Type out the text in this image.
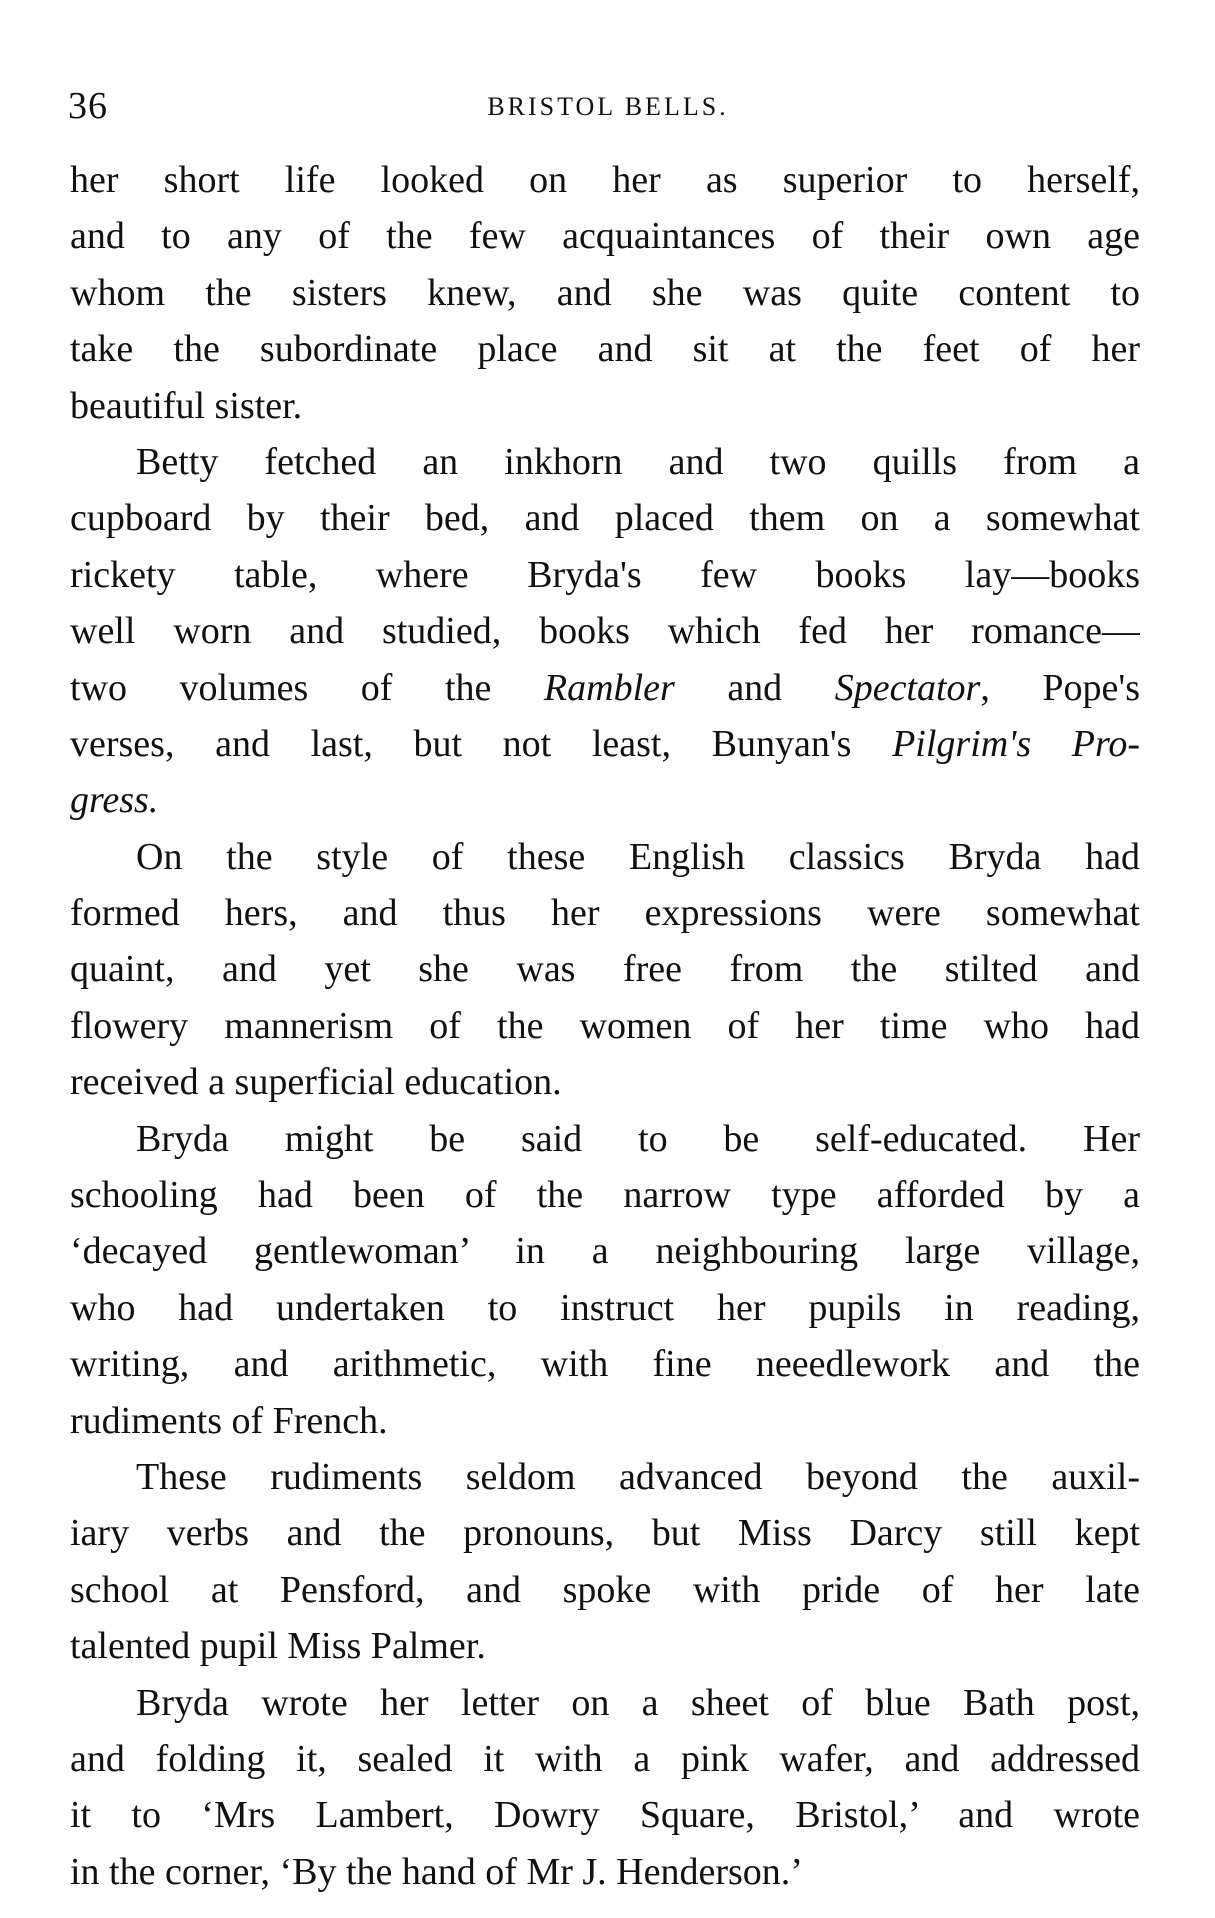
36	BRISTOL BELLS.
her short life looked on her as superior to herself,
and to any of the few acquaintances of their own age
whom the sisters knew, and she was quite content to
take the subordinate place and sit at the feet of her
beautiful sister.
Betty fetched an inkhorn and two quills from a
cupboard by their bed, and placed them on a somewhat
rickety table, where Bryda's few books lay—books
well worn and studied, books which fed her romance—
two volumes of the Rambler and Spectator, Pope's
verses, and last, but not least, Bunyan's Pilgrim's Pro-
gress.
On the style of these English classics Bryda had
formed hers, and thus her expressions were somewhat
quaint, and yet she was free from the stilted and
flowery mannerism of the women of her time who had
received a superficial education.
Bryda might be said to be self-educated. Her
schooling had been of the narrow type afforded by a
‘decayed gentlewoman’ in a neighbouring large village,
who had undertaken to instruct her pupils in reading,
writing, and arithmetic, with fine neeedlework and the
rudiments of French.
These rudiments seldom advanced beyond the auxil-
iary verbs and the pronouns, but Miss Darcy still kept
school at Pensford, and spoke with pride of her late
talented pupil Miss Palmer.
Bryda wrote her letter on a sheet of blue Bath post,
and folding it, sealed it with a pink wafer, and addressed
it to ‘Mrs Lambert, Dowry Square, Bristol,’ and wrote
in the corner, ‘By the hand of Mr J. Henderson.’
